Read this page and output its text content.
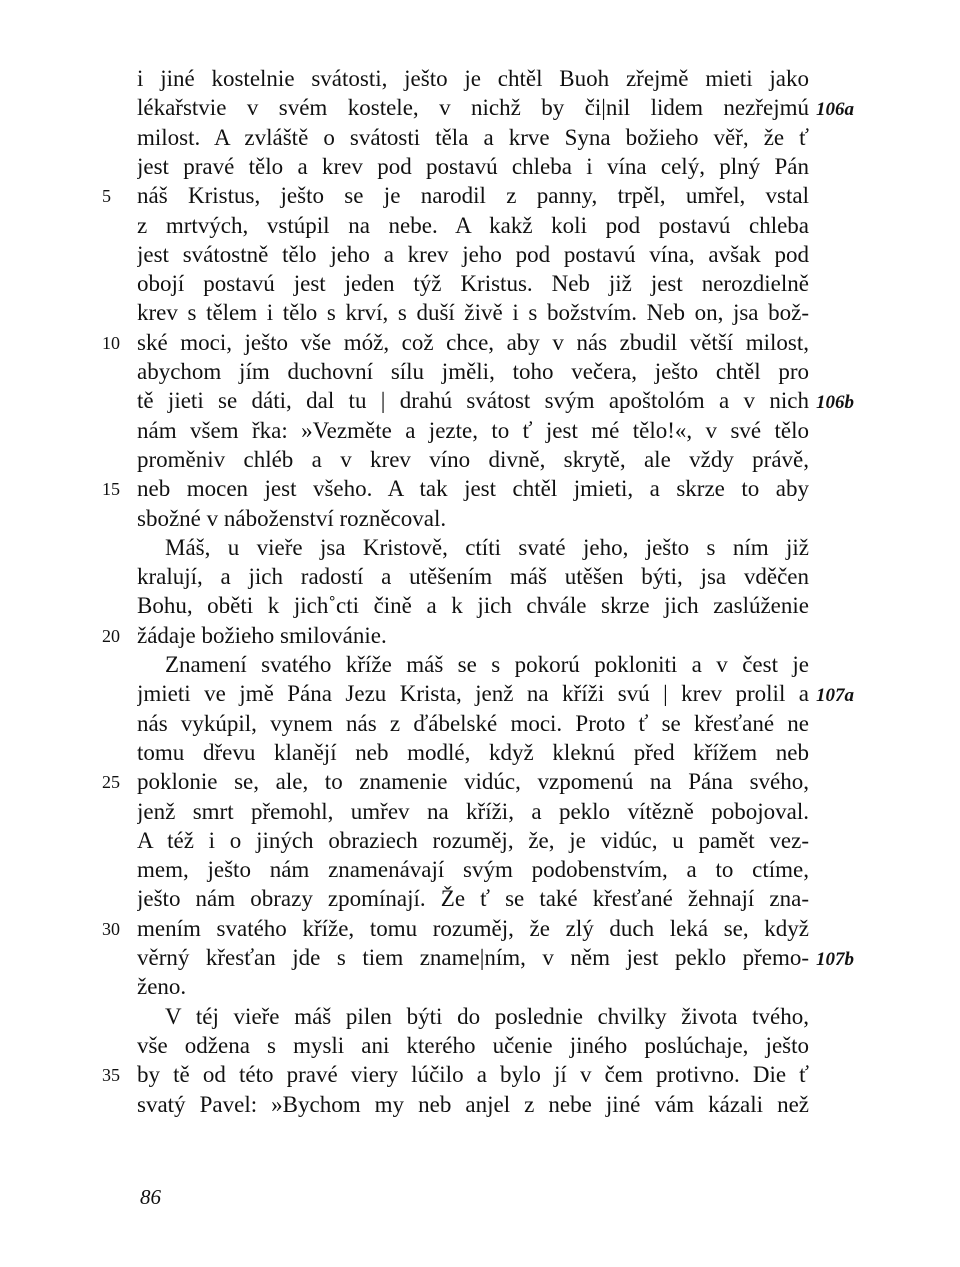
i jiné kostelnie svátosti, ješto je chtěl Buoh zřejmě mieti jako
lékařstvie v svém kostele, v nichž by či|nil lidem nezřejmú 106a
milost. A zvláště o svátosti těla a krve Syna božieho věř, že ť
jest pravé tělo a krev pod postavú chleba i vína celý, plný Pán
náš Kristus, ješto se je narodil z panny, trpěl, umřel, vstal
5
z mrtvých, vstúpil na nebe. A kakž koli pod postavú chleba
jest svátostně tělo jeho a krev jeho pod postavú vína, avšak pod
obojí postavú jest jeden týž Kristus. Neb již jest nerozdielně
krev s tělem i tělo s krví, s duší živě i s božstvím. Neb on, jsa bož-
ské moci, ješto vše móž, což chce, aby v nás zbudil větší milost,
10
abychom jím duchovní sílu jměli, toho večera, ješto chtěl pro
tě jieti se dáti, dal tu | drahú svátost svým apoštolóm a v nich 106b
nám všem řka: »Vezměte a jezte, to ť jest mé tělo!«, v své tělo
proměniv chléb a v krev víno divně, skrytě, ale vždy právě,
neb mocen jest všeho. A tak jest chtěl jmieti, a skrze to aby
15
sbožné v náboženství rozněcoval.
Máš, u vieře jsa Kristově, ctíti svaté jeho, ješto s ním již
kralují, a jich radostí a utěšením máš utěšen býti, jsa vděčen
Bohu, oběti k jich˚cti čině a k jich chvále skrze jich zaslúženie
žádaje božieho smilovánie.
20
Znamení svatého kříže máš se s pokorú pokloniti a v čest je
jmieti ve jmě Pána Jezu Krista, jenž na kříži svú | krev prolil a 107a
nás vykúpil, vynem nás z ďábelské moci. Proto ť se křesťané ne
tomu dřevu klanějí neb modlé, když kleknú před křížem neb
poklonie se, ale, to znamenie vidúc, vzpomenú na Pána svého,
25
jenž smrt přemohl, umřev na kříži, a peklo vítězně pobojoval.
A též i o jiných obraziech rozuměj, že, je vidúc, u pamět vez-
mem, ješto nám znamenávají svým podobenstvím, a to ctíme,
ješto nám obrazy zpomínají. Že ť se také křesťané žehnají zna-
mením svatého kříže, tomu rozuměj, že zlý duch leká se, když
30
věrný křesťan jde s tiem zname|ním, v něm jest peklo přemo- 107b
ženo.
V téj vieře máš pilen býti do poslednie chvilky života tvého,
vše odžena s mysli ani kterého učenie jiného poslúchaje, ješto
by tě od této pravé viery lúčilo a bylo jí v čem protivno. Die ť
35
svatý Pavel: »Bychom my neb anjel z nebe jiné vám kázali než
86
